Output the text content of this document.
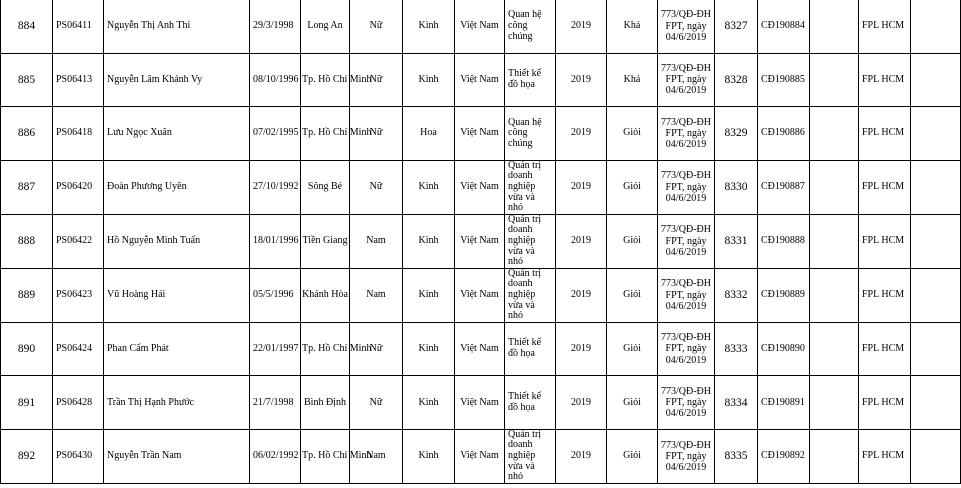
884	PS06411	Nguyễn Thị Anh Thi	29/3/1998	Long An	Nữ	Kinh	Việt Nam	Quan hệ công chúng	2019	Khá	773/QĐ-ĐH FPT, ngày 04/6/2019	8327	CĐ190884		FPL HCM	
885	PS06413	Nguyễn Lâm Khánh Vy	08/10/1996	Tp. Hồ Chí Minh	Nữ	Kinh	Việt Nam	Thiết kế đồ họa	2019	Khá	773/QĐ-ĐH FPT, ngày 04/6/2019	8328	CĐ190885		FPL HCM	
886	PS06418	Lưu Ngọc Xuân	07/02/1995	Tp. Hồ Chí Minh	Nữ	Hoa	Việt Nam	Quan hệ công chúng	2019	Giỏi	773/QĐ-ĐH FPT, ngày 04/6/2019	8329	CĐ190886		FPL HCM	
887	PS06420	Đoàn Phương Uyên	27/10/1992	Sông Bé	Nữ	Kinh	Việt Nam	Quản trị doanh nghiệp vừa và nhỏ	2019	Giỏi	773/QĐ-ĐH FPT, ngày 04/6/2019	8330	CĐ190887		FPL HCM	
888	PS06422	Hồ Nguyễn Minh Tuấn	18/01/1996	Tiền Giang	Nam	Kinh	Việt Nam	Quản trị doanh nghiệp vừa và nhỏ	2019	Giỏi	773/QĐ-ĐH FPT, ngày 04/6/2019	8331	CĐ190888		FPL HCM	
889	PS06423	Vũ Hoàng Hải	05/5/1996	Khánh Hòa	Nam	Kinh	Việt Nam	Quản trị doanh nghiệp vừa và nhỏ	2019	Giỏi	773/QĐ-ĐH FPT, ngày 04/6/2019	8332	CĐ190889		FPL HCM	
890	PS06424	Phan Cẩm Phát	22/01/1997	Tp. Hồ Chí Minh	Nữ	Kinh	Việt Nam	Thiết kế đồ họa	2019	Giỏi	773/QĐ-ĐH FPT, ngày 04/6/2019	8333	CĐ190890		FPL HCM	
891	PS06428	Trần Thị Hạnh Phước	21/7/1998	Bình Định	Nữ	Kinh	Việt Nam	Thiết kế đồ họa	2019	Giỏi	773/QĐ-ĐH FPT, ngày 04/6/2019	8334	CĐ190891		FPL HCM	
892	PS06430	Nguyễn Trần Nam	06/02/1992	Tp. Hồ Chí Minh	Nam	Kinh	Việt Nam	Quản trị doanh nghiệp vừa và nhỏ	2019	Giỏi	773/QĐ-ĐH FPT, ngày 04/6/2019	8335	CĐ190892		FPL HCM	
